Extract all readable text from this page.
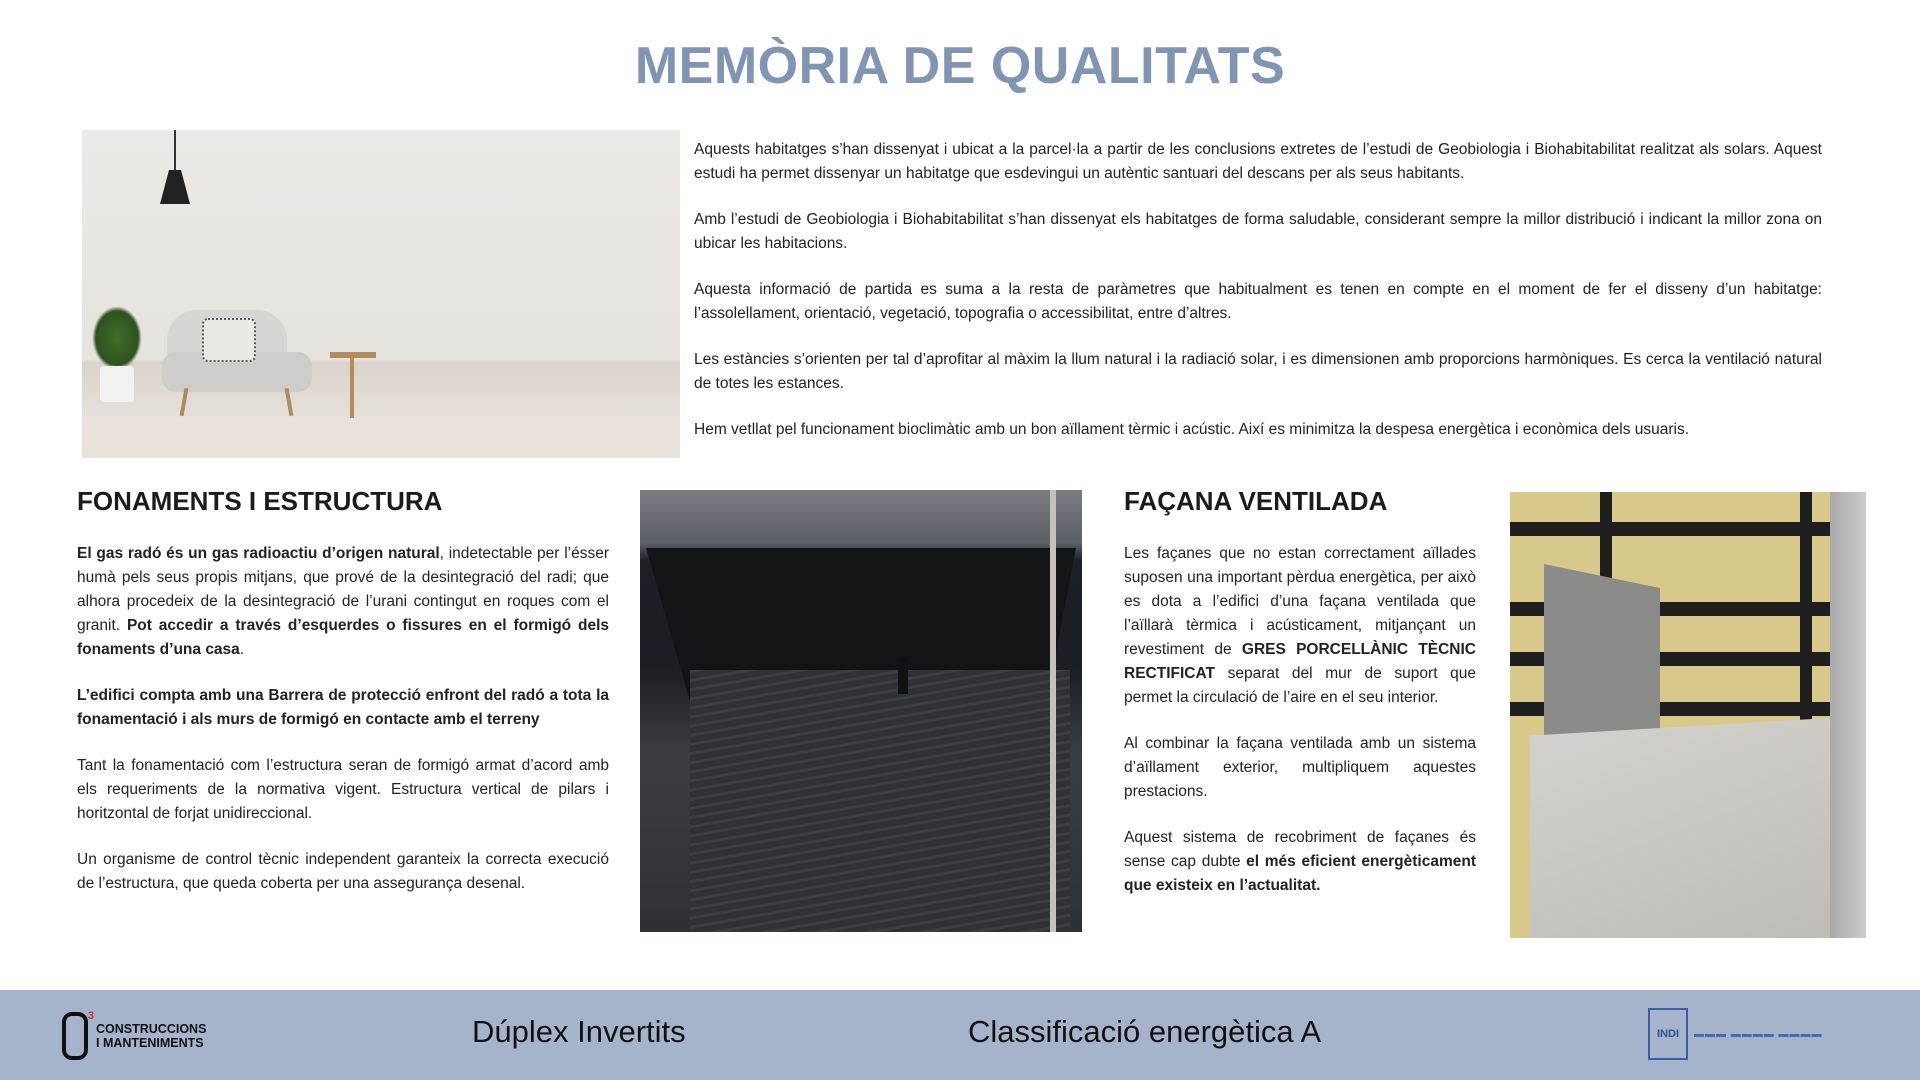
MEMÒRIA DE QUALITATS

Aquests habitatges s’han dissenyat i ubicat a la parcel·la a partir de les conclusions extretes de l’estudi de Geobiologia i Biohabitabilitat realitzat als solars. Aquest estudi ha permet dissenyar un habitatge que esdevingui un autèntic santuari del descans per als seus habitants.

Amb l’estudi de Geobiologia i Biohabitabilitat s’han dissenyat els habitatges de forma saludable, considerant sempre la millor distribució i indicant la millor zona on ubicar les habitacions.

Aquesta informació de partida es suma a la resta de paràmetres que habitualment es tenen en compte en el moment de fer el disseny d’un habitatge: l’assolellament, orientació, vegetació, topografia o accessibilitat, entre d’altres.

Les estàncies s’orienten per tal d’aprofitar al màxim la llum natural i la radiació solar, i es dimensionen amb proporcions harmòniques. Es cerca la ventilació natural de totes les estances.

Hem vetllat pel funcionament bioclimàtic amb un bon aïllament tèrmic i acústic. Així es minimitza la despesa energètica i econòmica dels usuaris.

FONAMENTS I ESTRUCTURA

El gas radó és un gas radioactiu d’origen natural, indetectable per l’ésser humà pels seus propis mitjans, que prové de la desintegració del radi; que alhora procedeix de la desintegració de l’urani contingut en roques com el granit. Pot accedir a través d’esquerdes o fissures en el formigó dels fonaments d’una casa.

L’edifici compta amb una Barrera de protecció enfront del radó a tota la fonamentació i als murs de formigó en contacte amb el terreny

Tant la fonamentació com l’estructura seran de formigó armat d’acord amb els requeriments de la normativa vigent. Estructura vertical de pilars i horitzontal de forjat unidireccional.

Un organisme de control tècnic independent garanteix la correcta execució de l’estructura, que queda coberta per una assegurança desenal.

FAÇANA VENTILADA

Les façanes que no estan correctament aïllades suposen una important pèrdua energètica, per això es dota a l’edifici d’una façana ventilada que l’aïllarà tèrmica i acústicament, mitjançant un revestiment de GRES PORCELLÀNIC TÈCNIC RECTIFICAT separat del mur de suport que permet la circulació de l’aire en el seu interior.

Al combinar la façana ventilada amb un sistema d’aïllament exterior, multipliquem aquestes prestacions.

Aquest sistema de recobriment de façanes és sense cap dubte el més eficient energèticament que existeix en l’actualitat.

3
CONSTRUCCIONS
I MANTENIMENTS	Dúplex Invertits	Classificació energètica A	INDI	▬▬▬ ▬▬▬▬ ▬▬▬▬
